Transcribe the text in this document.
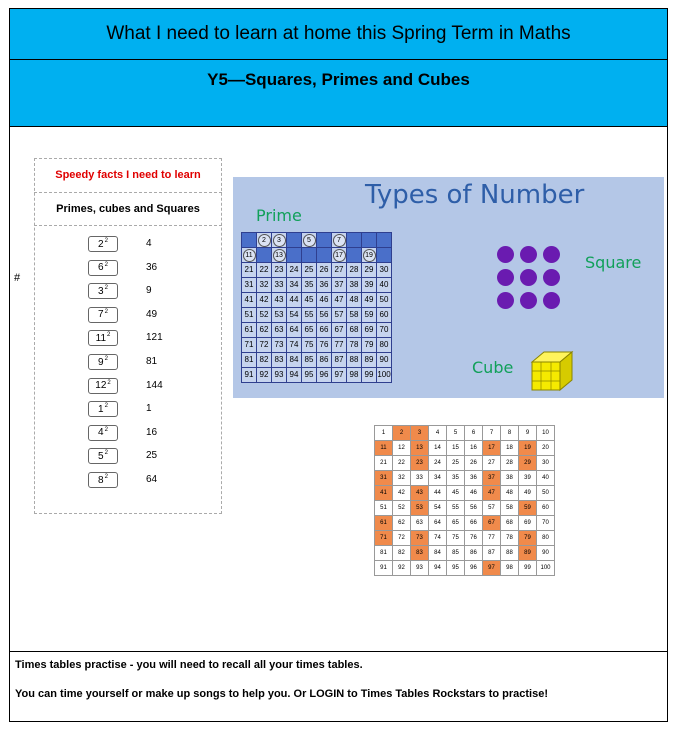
What I need to learn at home this Spring Term in Maths
Y5—Squares, Primes and Cubes
#
Speedy facts I need to learn
Primes, cubes and Squares
$2^2$	4
$6^2$	36
$3^2$	9
$7^2$	49
$11^2$	121
$9^2$	81
$12^2$	144
$1^2$	1
$4^2$	16
$5^2$	25
$8^2$	64
Types of Number
Prime
Square
Cube
	2	3		5		7			
11		13				17		19	
21	22	23	24	25	26	27	28	29	30
31	32	33	34	35	36	37	38	39	40
41	42	43	44	45	46	47	48	49	50
51	52	53	54	55	56	57	58	59	60
61	62	63	64	65	66	67	68	69	70
71	72	73	74	75	76	77	78	79	80
81	82	83	84	85	86	87	88	89	90
91	92	93	94	95	96	97	98	99	100
1	2	3	4	5	6	7	8	9	10
11	12	13	14	15	16	17	18	19	20
21	22	23	24	25	26	27	28	29	30
31	32	33	34	35	36	37	38	39	40
41	42	43	44	45	46	47	48	49	50
51	52	53	54	55	56	57	58	59	60
61	62	63	64	65	66	67	68	69	70
71	72	73	74	75	76	77	78	79	80
81	82	83	84	85	86	87	88	89	90
91	92	93	94	95	96	97	98	99	100
Times tables practise - you will need to recall all your times tables.
You can time yourself or make up songs to help you. Or LOGIN to Times Tables Rockstars to practise!
